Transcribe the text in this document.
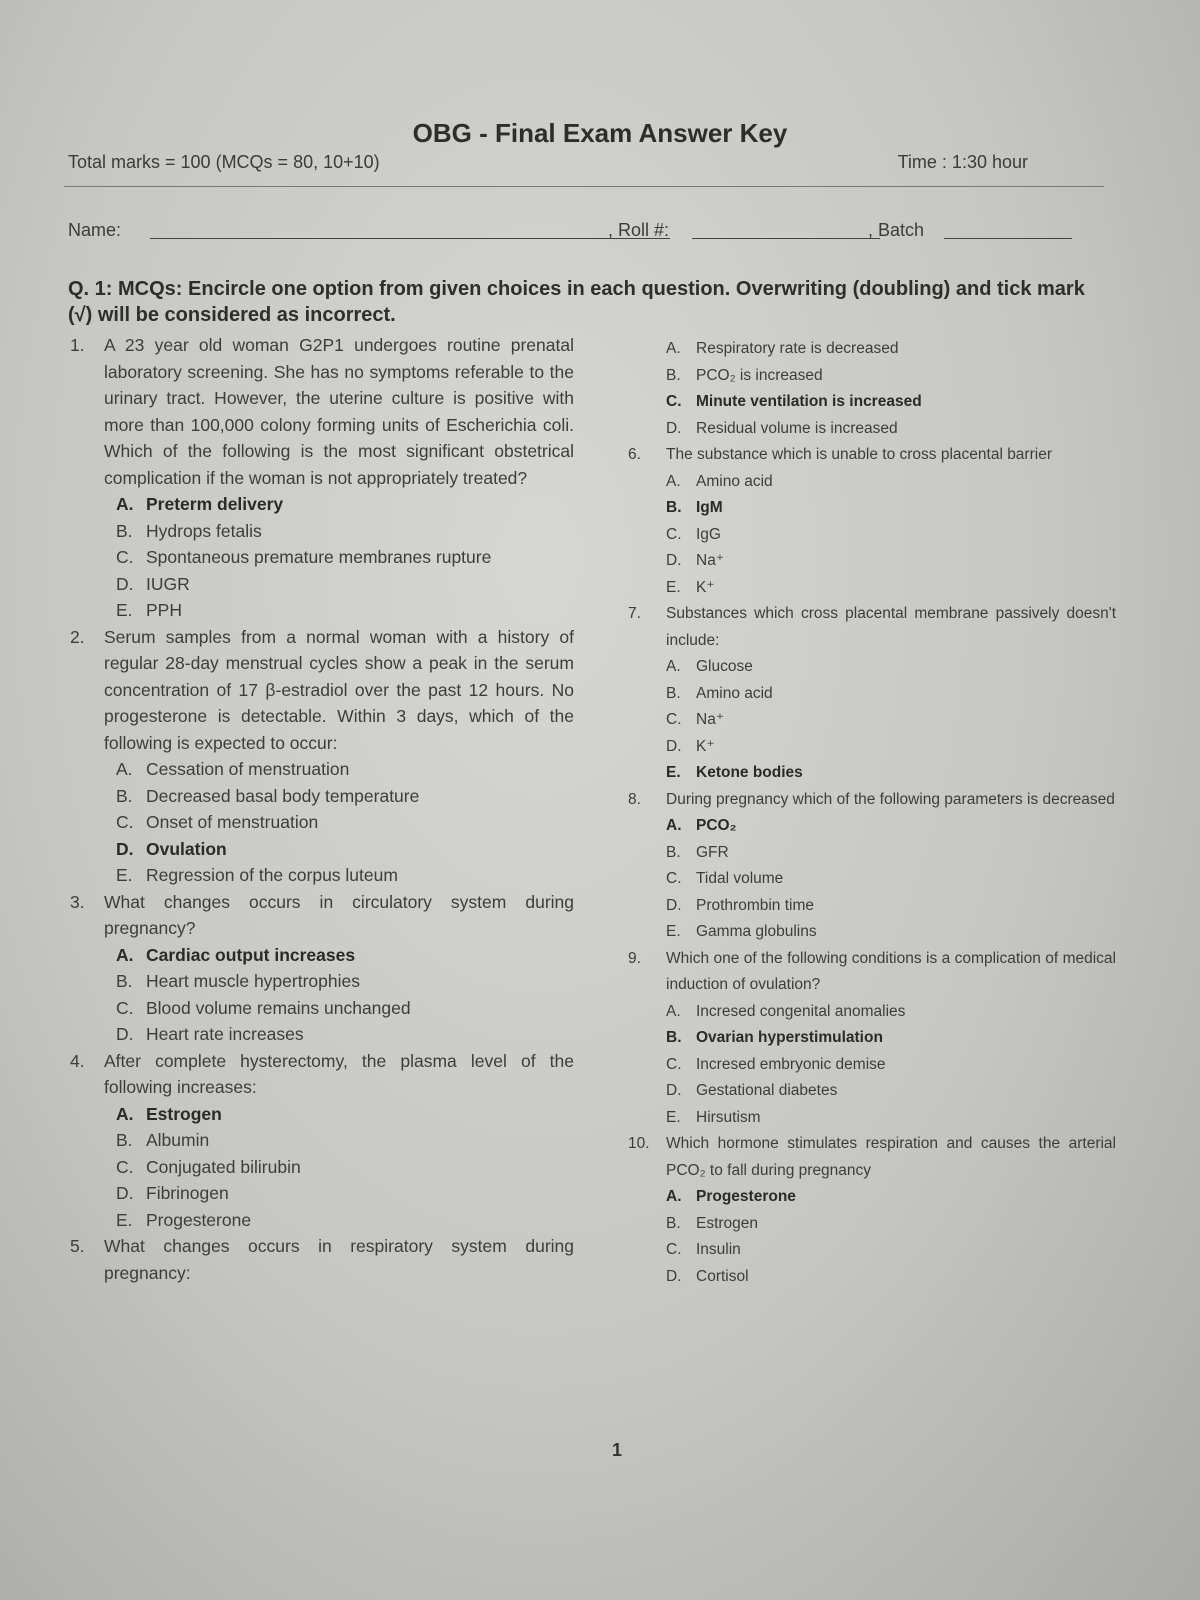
OBG - Final Exam Answer Key
Total marks = 100 (MCQs = 80, 10+10)	Time : 1:30 hour
Name:	, Roll #:	, Batch
Q. 1: MCQs: Encircle one option from given choices in each question. Overwriting (doubling) and tick mark (√) will be considered as incorrect.
1. A 23 year old woman G2P1 undergoes routine prenatal laboratory screening. She has no symptoms referable to the urinary tract. However, the uterine culture is positive with more than 100,000 colony forming units of Escherichia coli. Which of the following is the most significant obstetrical complication if the woman is not appropriately treated?
A. Preterm delivery
B. Hydrops fetalis
C. Spontaneous premature membranes rupture
D. IUGR
E. PPH
2. Serum samples from a normal woman with a history of regular 28-day menstrual cycles show a peak in the serum concentration of 17 β-estradiol over the past 12 hours. No progesterone is detectable. Within 3 days, which of the following is expected to occur:
A. Cessation of menstruation
B. Decreased basal body temperature
C. Onset of menstruation
D. Ovulation
E. Regression of the corpus luteum
3. What changes occurs in circulatory system during pregnancy?
A. Cardiac output increases
B. Heart muscle hypertrophies
C. Blood volume remains unchanged
D. Heart rate increases
4. After complete hysterectomy, the plasma level of the following increases:
A. Estrogen
B. Albumin
C. Conjugated bilirubin
D. Fibrinogen
E. Progesterone
5. What changes occurs in respiratory system during pregnancy:
A. Respiratory rate is decreased
B. PCO₂ is increased
C. Minute ventilation is increased
D. Residual volume is increased
6. The substance which is unable to cross placental barrier
A. Amino acid
B. IgM
C. IgG
D. Na⁺
E. K⁺
7. Substances which cross placental membrane passively doesn't include:
A. Glucose
B. Amino acid
C. Na⁺
D. K⁺
E. Ketone bodies
8. During pregnancy which of the following parameters is decreased
A. PCO₂
B. GFR
C. Tidal volume
D. Prothrombin time
E. Gamma globulins
9. Which one of the following conditions is a complication of medical induction of ovulation?
A. Incresed congenital anomalies
B. Ovarian hyperstimulation
C. Incresed embryonic demise
D. Gestational diabetes
E. Hirsutism
10. Which hormone stimulates respiration and causes the arterial PCO₂ to fall during pregnancy
A. Progesterone
B. Estrogen
C. Insulin
D. Cortisol
1
